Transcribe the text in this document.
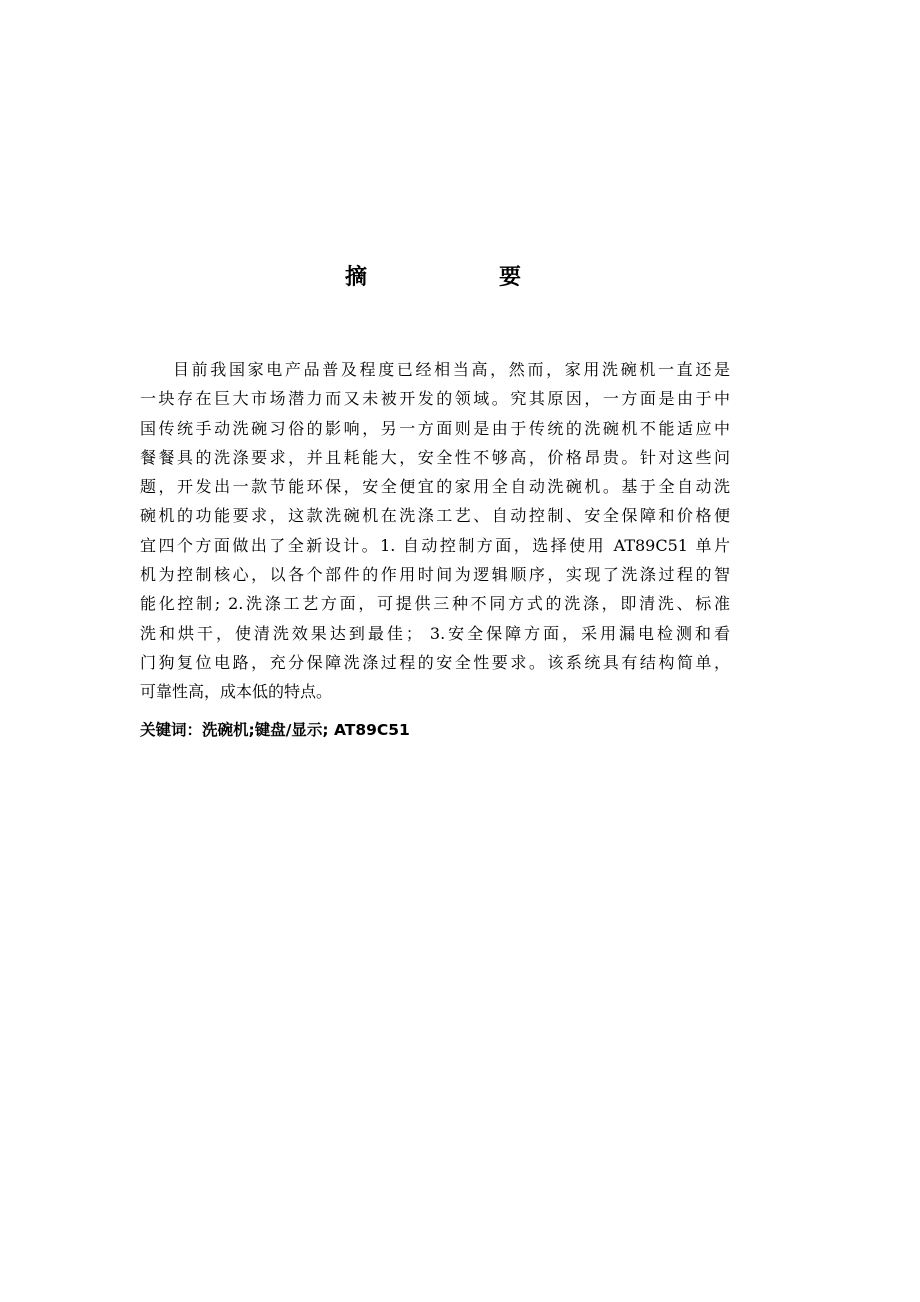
摘	要
目前我国家电产品普及程度已经相当高，然而，家用洗碗机一直还是
一块存在巨大市场潜力而又未被开发的领域。究其原因，一方面是由于中
国传统手动洗碗习俗的影响，另一方面则是由于传统的洗碗机不能适应中
餐餐具的洗涤要求，并且耗能大，安全性不够高，价格昂贵。针对这些问
题，开发出一款节能环保，安全便宜的家用全自动洗碗机。基于全自动洗
碗机的功能要求，这款洗碗机在洗涤工艺、自动控制、安全保障和价格便
宜四个方面做出了全新设计。1. 自动控制方面，选择使用 AT89C51 单片
机为控制核心，以各个部件的作用时间为逻辑顺序，实现了洗涤过程的智
能化控制; 2.洗涤工艺方面，可提供三种不同方式的洗涤，即清洗、标准
洗和烘干，使清洗效果达到最佳； 3.安全保障方面，采用漏电检测和看
门狗复位电路，充分保障洗涤过程的安全性要求。该系统具有结构简单，
可靠性高，成本低的特点。
关键词：洗碗机;键盘/显示; AT89C51
